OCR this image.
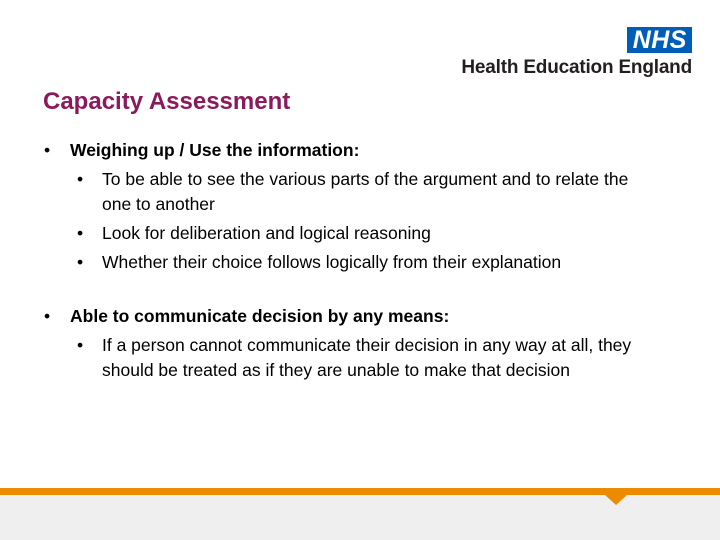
NHS
Health Education England
Capacity Assessment
• Weighing up / Use the information:
• To be able to see the various parts of the argument and to relate the one to another
• Look for deliberation and logical reasoning
• Whether their choice follows logically from their explanation
• Able to communicate decision by any means:
• If a person cannot communicate their decision in any way at all, they should be treated as if they are unable to make that decision
